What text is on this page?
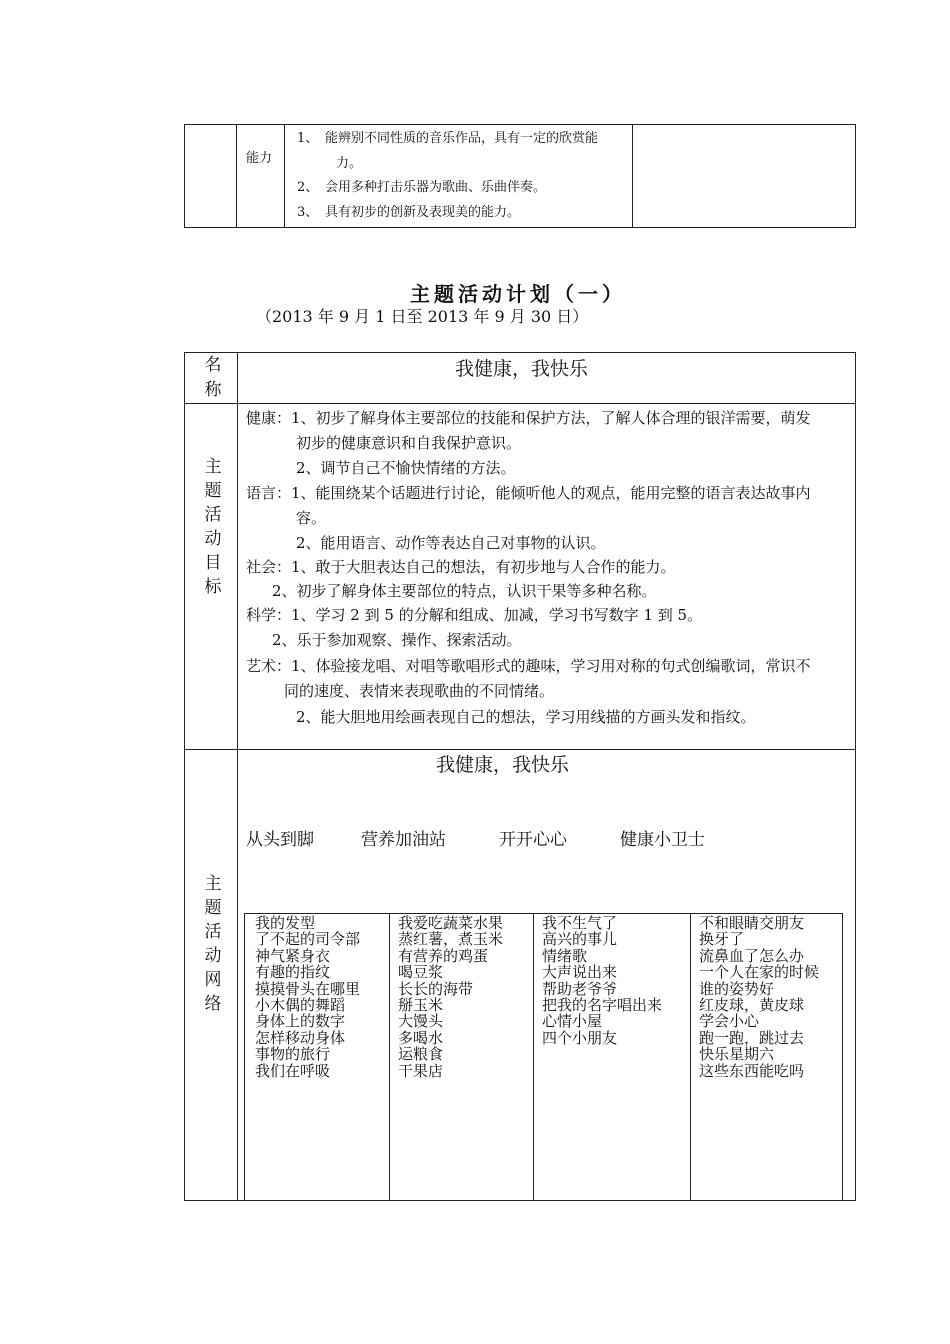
能力
1、 能辨别不同性质的音乐作品，具有一定的欣赏能
力。
2、 会用多种打击乐器为歌曲、乐曲伴奏。
3、 具有初步的创新及表现美的能力。
主题活动计划（一）
（2013 年 9 月 1 日至 2013 年 9 月 30 日）
名
称
我健康，我快乐
主
题
活
动
目
标
健康：1、初步了解身体主要部位的技能和保护方法，了解人体合理的银洋需要，萌发
初步的健康意识和自我保护意识。
2、调节自己不愉快情绪的方法。
语言：1、能围绕某个话题进行讨论，能倾听他人的观点，能用完整的语言表达故事内
容。
2、能用语言、动作等表达自己对事物的认识。
社会：1、敢于大胆表达自己的想法，有初步地与人合作的能力。
2、初步了解身体主要部位的特点，认识干果等多种名称。
科学：1、学习 2 到 5 的分解和组成、加减，学习书写数字 1 到 5。
2、乐于参加观察、操作、探索活动。
艺术：1、体验接龙唱、对唱等歌唱形式的趣味，学习用对称的句式创编歌词，常识不
同的速度、表情来表现歌曲的不同情绪。
2、能大胆地用绘画表现自己的想法，学习用线描的方画头发和指纹。
主
题
活
动
网
络
我健康，我快乐
从头到脚	营养加油站	开开心心	健康小卫士
我的发型
了不起的司令部
神气紧身衣
有趣的指纹
摸摸骨头在哪里
小木偶的舞蹈
身体上的数字
怎样移动身体
事物的旅行
我们在呼吸
我爱吃蔬菜水果
蒸红薯，煮玉米
有营养的鸡蛋
喝豆浆
长长的海带
掰玉米
大馒头
多喝水
运粮食
干果店
我不生气了
高兴的事儿
情绪歌
大声说出来
帮助老爷爷
把我的名字唱出来
心情小屋
四个小朋友
不和眼睛交朋友
换牙了
流鼻血了怎么办
一个人在家的时候
谁的姿势好
红皮球，黄皮球
学会小心
跑一跑，跳过去
快乐星期六
这些东西能吃吗
